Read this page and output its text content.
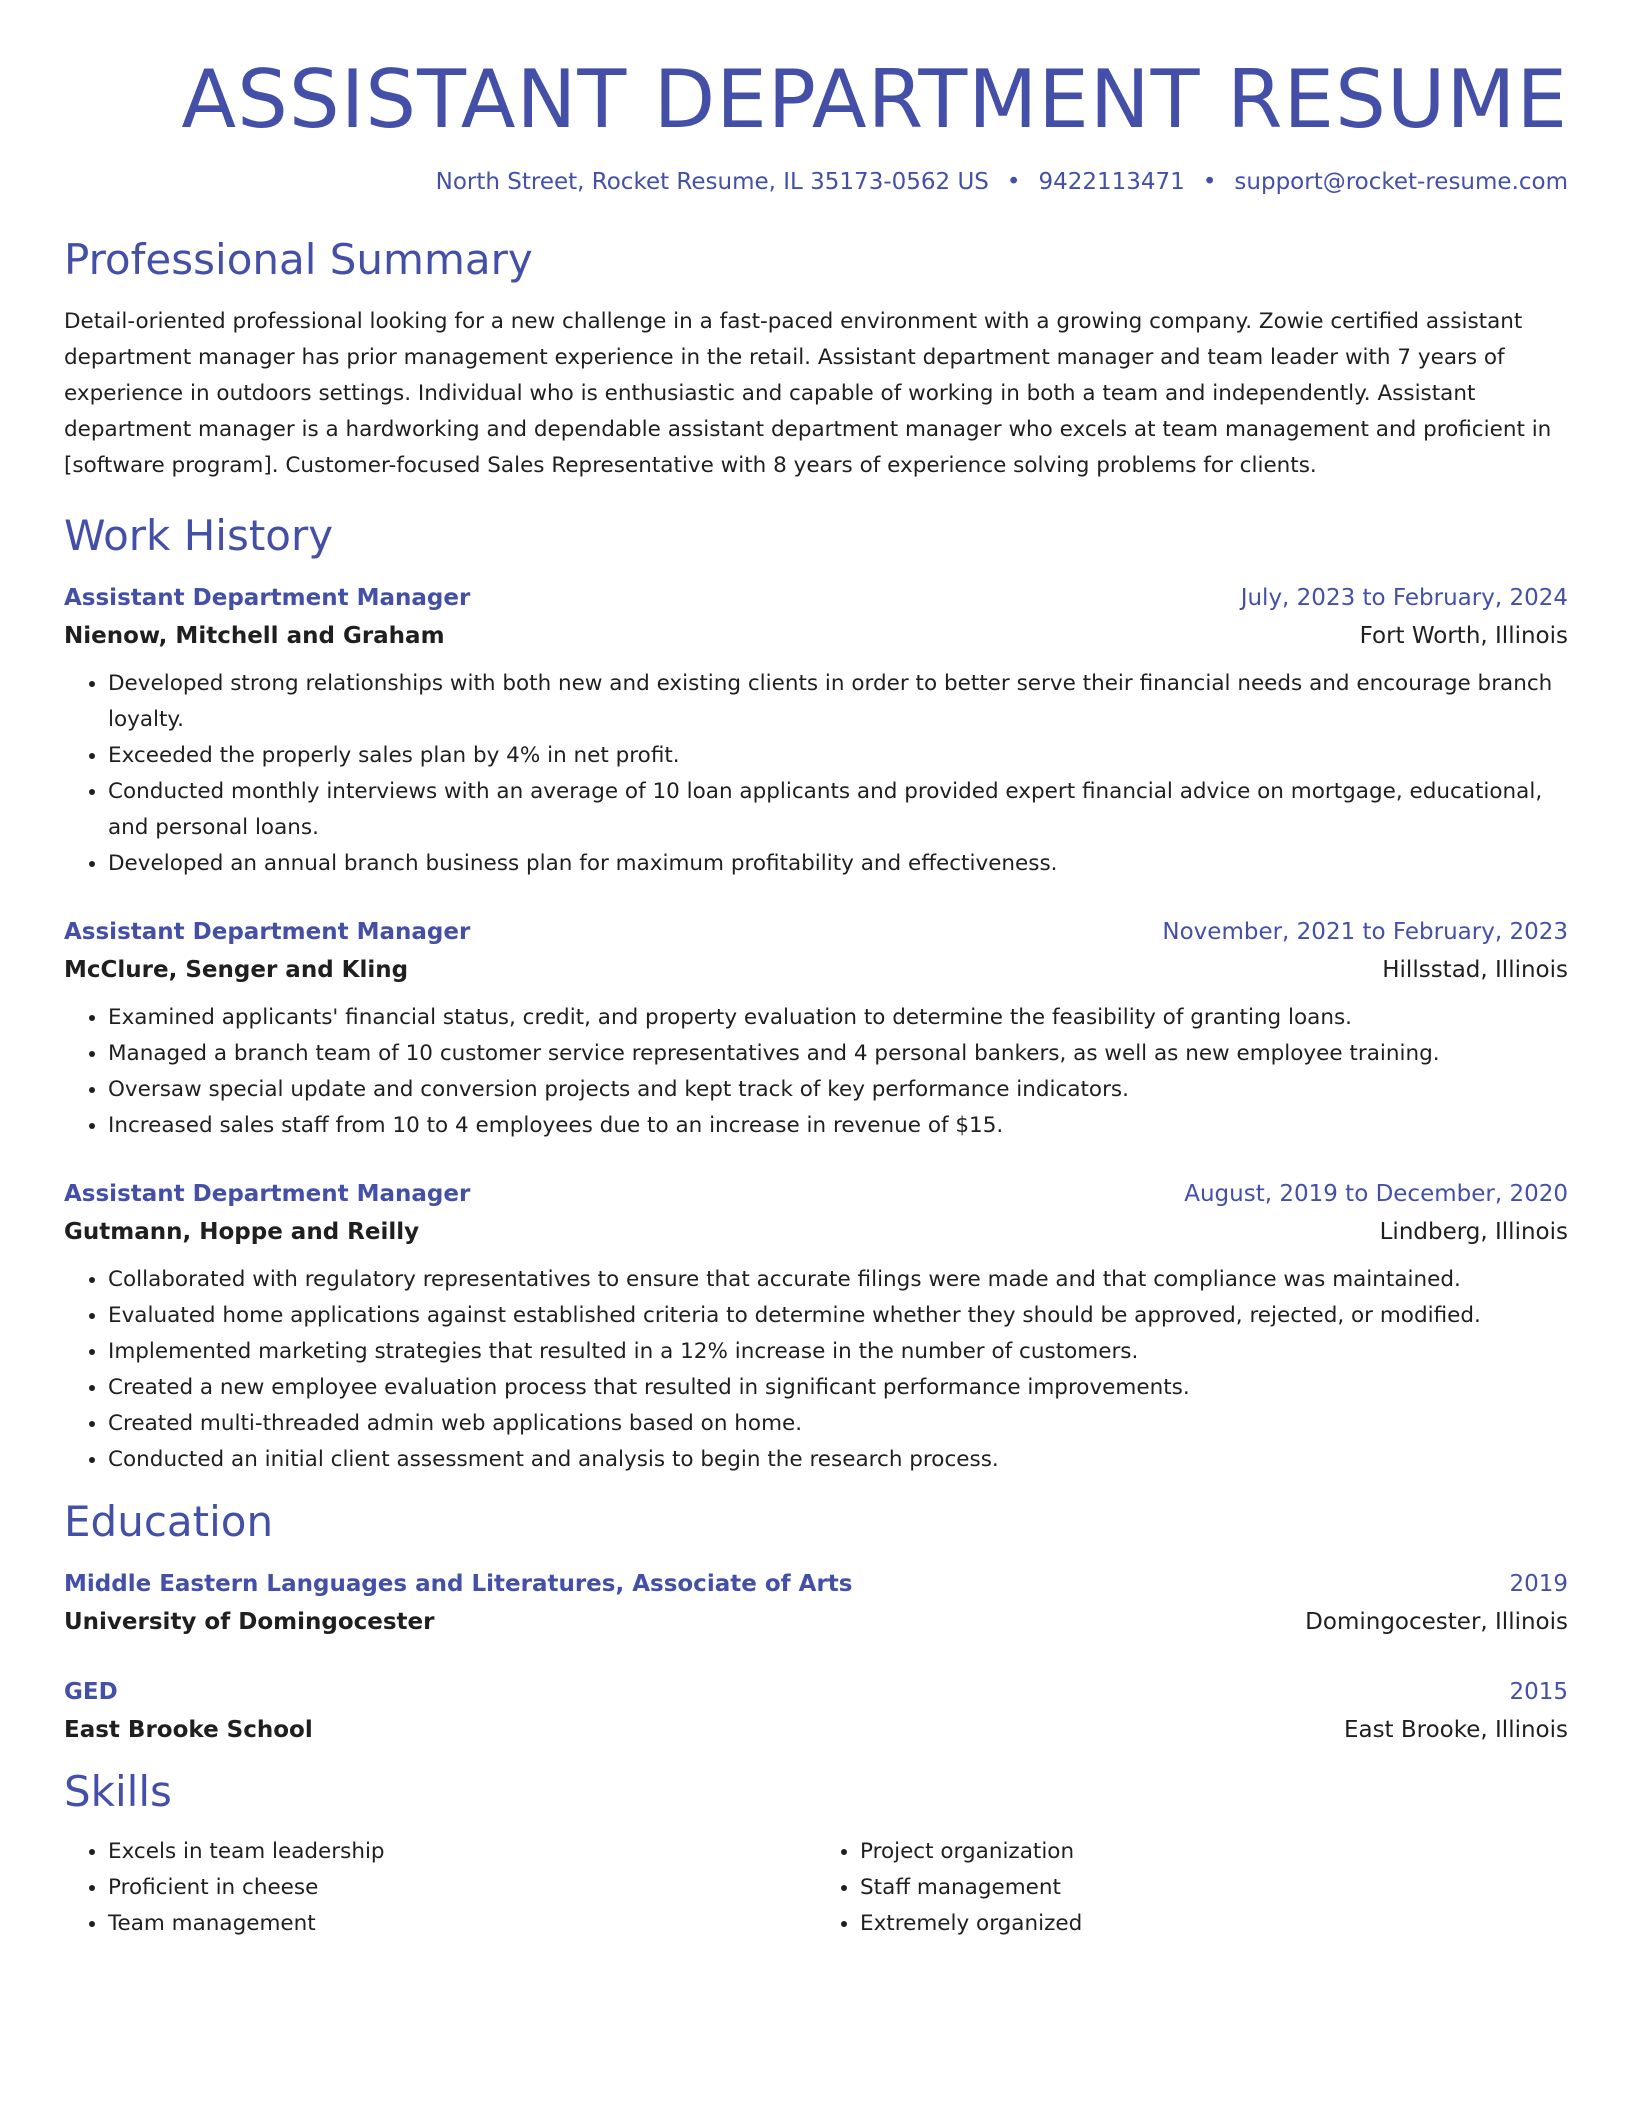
ASSISTANT DEPARTMENT RESUME
North Street, Rocket Resume, IL 35173-0562 US • 9422113471 • support@rocket-resume.com
Professional Summary

Detail-oriented professional looking for a new challenge in a fast-paced environment with a growing company. Zowie certified assistant department manager has prior management experience in the retail. Assistant department manager and team leader with 7 years of experience in outdoors settings. Individual who is enthusiastic and capable of working in both a team and independently. Assistant department manager is a hardworking and dependable assistant department manager who excels at team management and proficient in [software program]. Customer-focused Sales Representative with 8 years of experience solving problems for clients.

Work History
Assistant Department Manager	July, 2023 to February, 2024
Nienow, Mitchell and Graham	Fort Worth, Illinois
• Developed strong relationships with both new and existing clients in order to better serve their financial needs and encourage branch loyalty.
• Exceeded the properly sales plan by 4% in net profit.
• Conducted monthly interviews with an average of 10 loan applicants and provided expert financial advice on mortgage, educational, and personal loans.
• Developed an annual branch business plan for maximum profitability and effectiveness.
Assistant Department Manager	November, 2021 to February, 2023
McClure, Senger and Kling	Hillsstad, Illinois
• Examined applicants' financial status, credit, and property evaluation to determine the feasibility of granting loans.
• Managed a branch team of 10 customer service representatives and 4 personal bankers, as well as new employee training.
• Oversaw special update and conversion projects and kept track of key performance indicators.
• Increased sales staff from 10 to 4 employees due to an increase in revenue of $15.
Assistant Department Manager	August, 2019 to December, 2020
Gutmann, Hoppe and Reilly	Lindberg, Illinois
• Collaborated with regulatory representatives to ensure that accurate filings were made and that compliance was maintained.
• Evaluated home applications against established criteria to determine whether they should be approved, rejected, or modified.
• Implemented marketing strategies that resulted in a 12% increase in the number of customers.
• Created a new employee evaluation process that resulted in significant performance improvements.
• Created multi-threaded admin web applications based on home.
• Conducted an initial client assessment and analysis to begin the research process.
Education
Middle Eastern Languages and Literatures, Associate of Arts	2019
University of Domingocester	Domingocester, Illinois
GED	2015
East Brooke School	East Brooke, Illinois
Skills
• Excels in team leadership
• Proficient in cheese
• Team management
• Project organization
• Staff management
• Extremely organized
